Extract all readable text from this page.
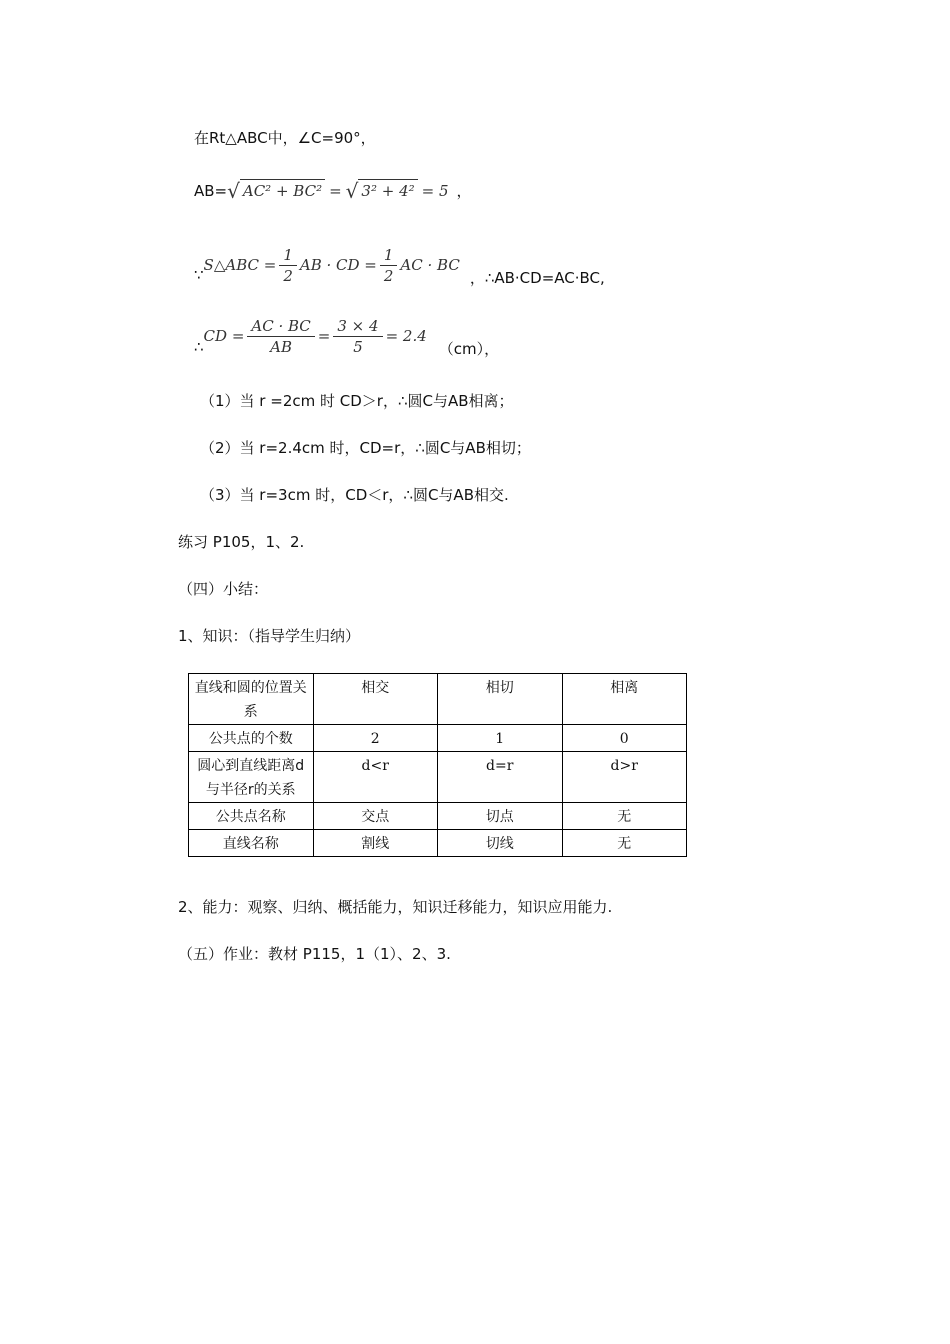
在Rt△ABC中，∠C=90°，
AB= √ AC² + BC² = √ 3² + 4² = 5 ，
∵
S△ABC = $\frac{1}{2}$ AB · CD = $\frac{1}{2}$ AC · BC
，∴AB·CD=AC·BC,
∴
CD = $\frac{AC \cdot BC}{AB} = \frac{3 \times 4}{5} = 2.4$
（cm），
（1）当 r =2cm 时 CD＞r，∴圆C与AB相离；
（2）当 r=2.4cm 时，CD=r，∴圆C与AB相切；
（3）当 r=3cm 时，CD＜r，∴圆C与AB相交.
练习 P105，1、2.
（四）小结：
1、知识：（指导学生归纳）
直线和圆的位置关系	相交	相切	相离
公共点的个数	2	1	0
圆心到直线距离d与半径r的关系	d<r	d=r	d>r
公共点名称	交点	切点	无
直线名称	割线	切线	无
2、能力：观察、归纳、概括能力，知识迁移能力，知识应用能力.
（五）作业：教材 P115，1（1）、2、3.
